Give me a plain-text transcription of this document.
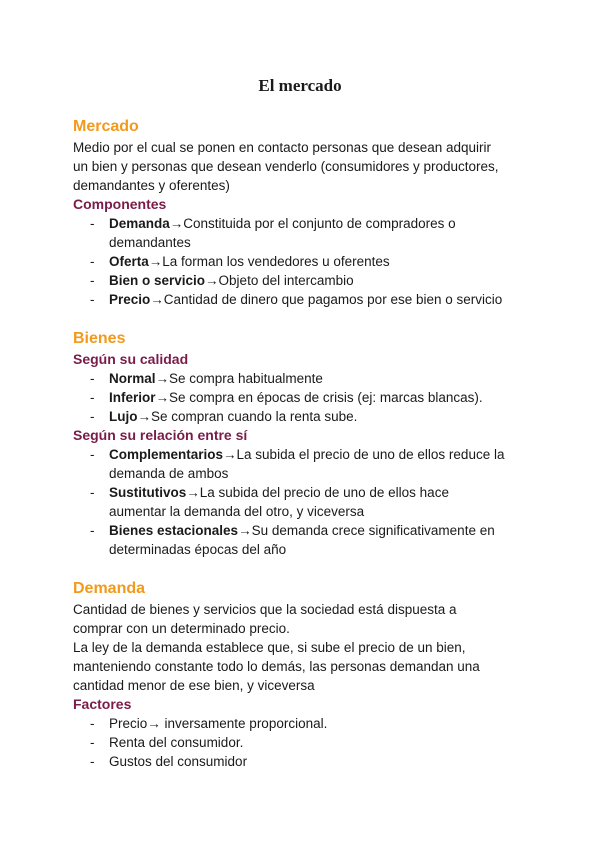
El mercado
Mercado

Medio por el cual se ponen en contacto personas que desean adquirir
un bien y personas que desean venderlo (consumidores y productores,
demandantes y oferentes)

Componentes
- Demanda→Constituida por el conjunto de compradores o
demandantes
- Oferta→La forman los vendedores u oferentes
- Bien o servicio→Objeto del intercambio
- Precio→Cantidad de dinero que pagamos por ese bien o servicio
Bienes
Según su calidad
- Normal→Se compra habitualmente
- Inferior→Se compra en épocas de crisis (ej: marcas blancas).
- Lujo→Se compran cuando la renta sube.
Según su relación entre sí
- Complementarios→La subida el precio de uno de ellos reduce la
demanda de ambos
- Sustitutivos→La subida del precio de uno de ellos hace
aumentar la demanda del otro, y viceversa
- Bienes estacionales→Su demanda crece significativamente en
determinadas épocas del año
Demanda

Cantidad de bienes y servicios que la sociedad está dispuesta a
comprar con un determinado precio.
La ley de la demanda establece que, si sube el precio de un bien,
manteniendo constante todo lo demás, las personas demandan una
cantidad menor de ese bien, y viceversa

Factores
- Precio→ inversamente proporcional.
- Renta del consumidor.
- Gustos del consumidor
